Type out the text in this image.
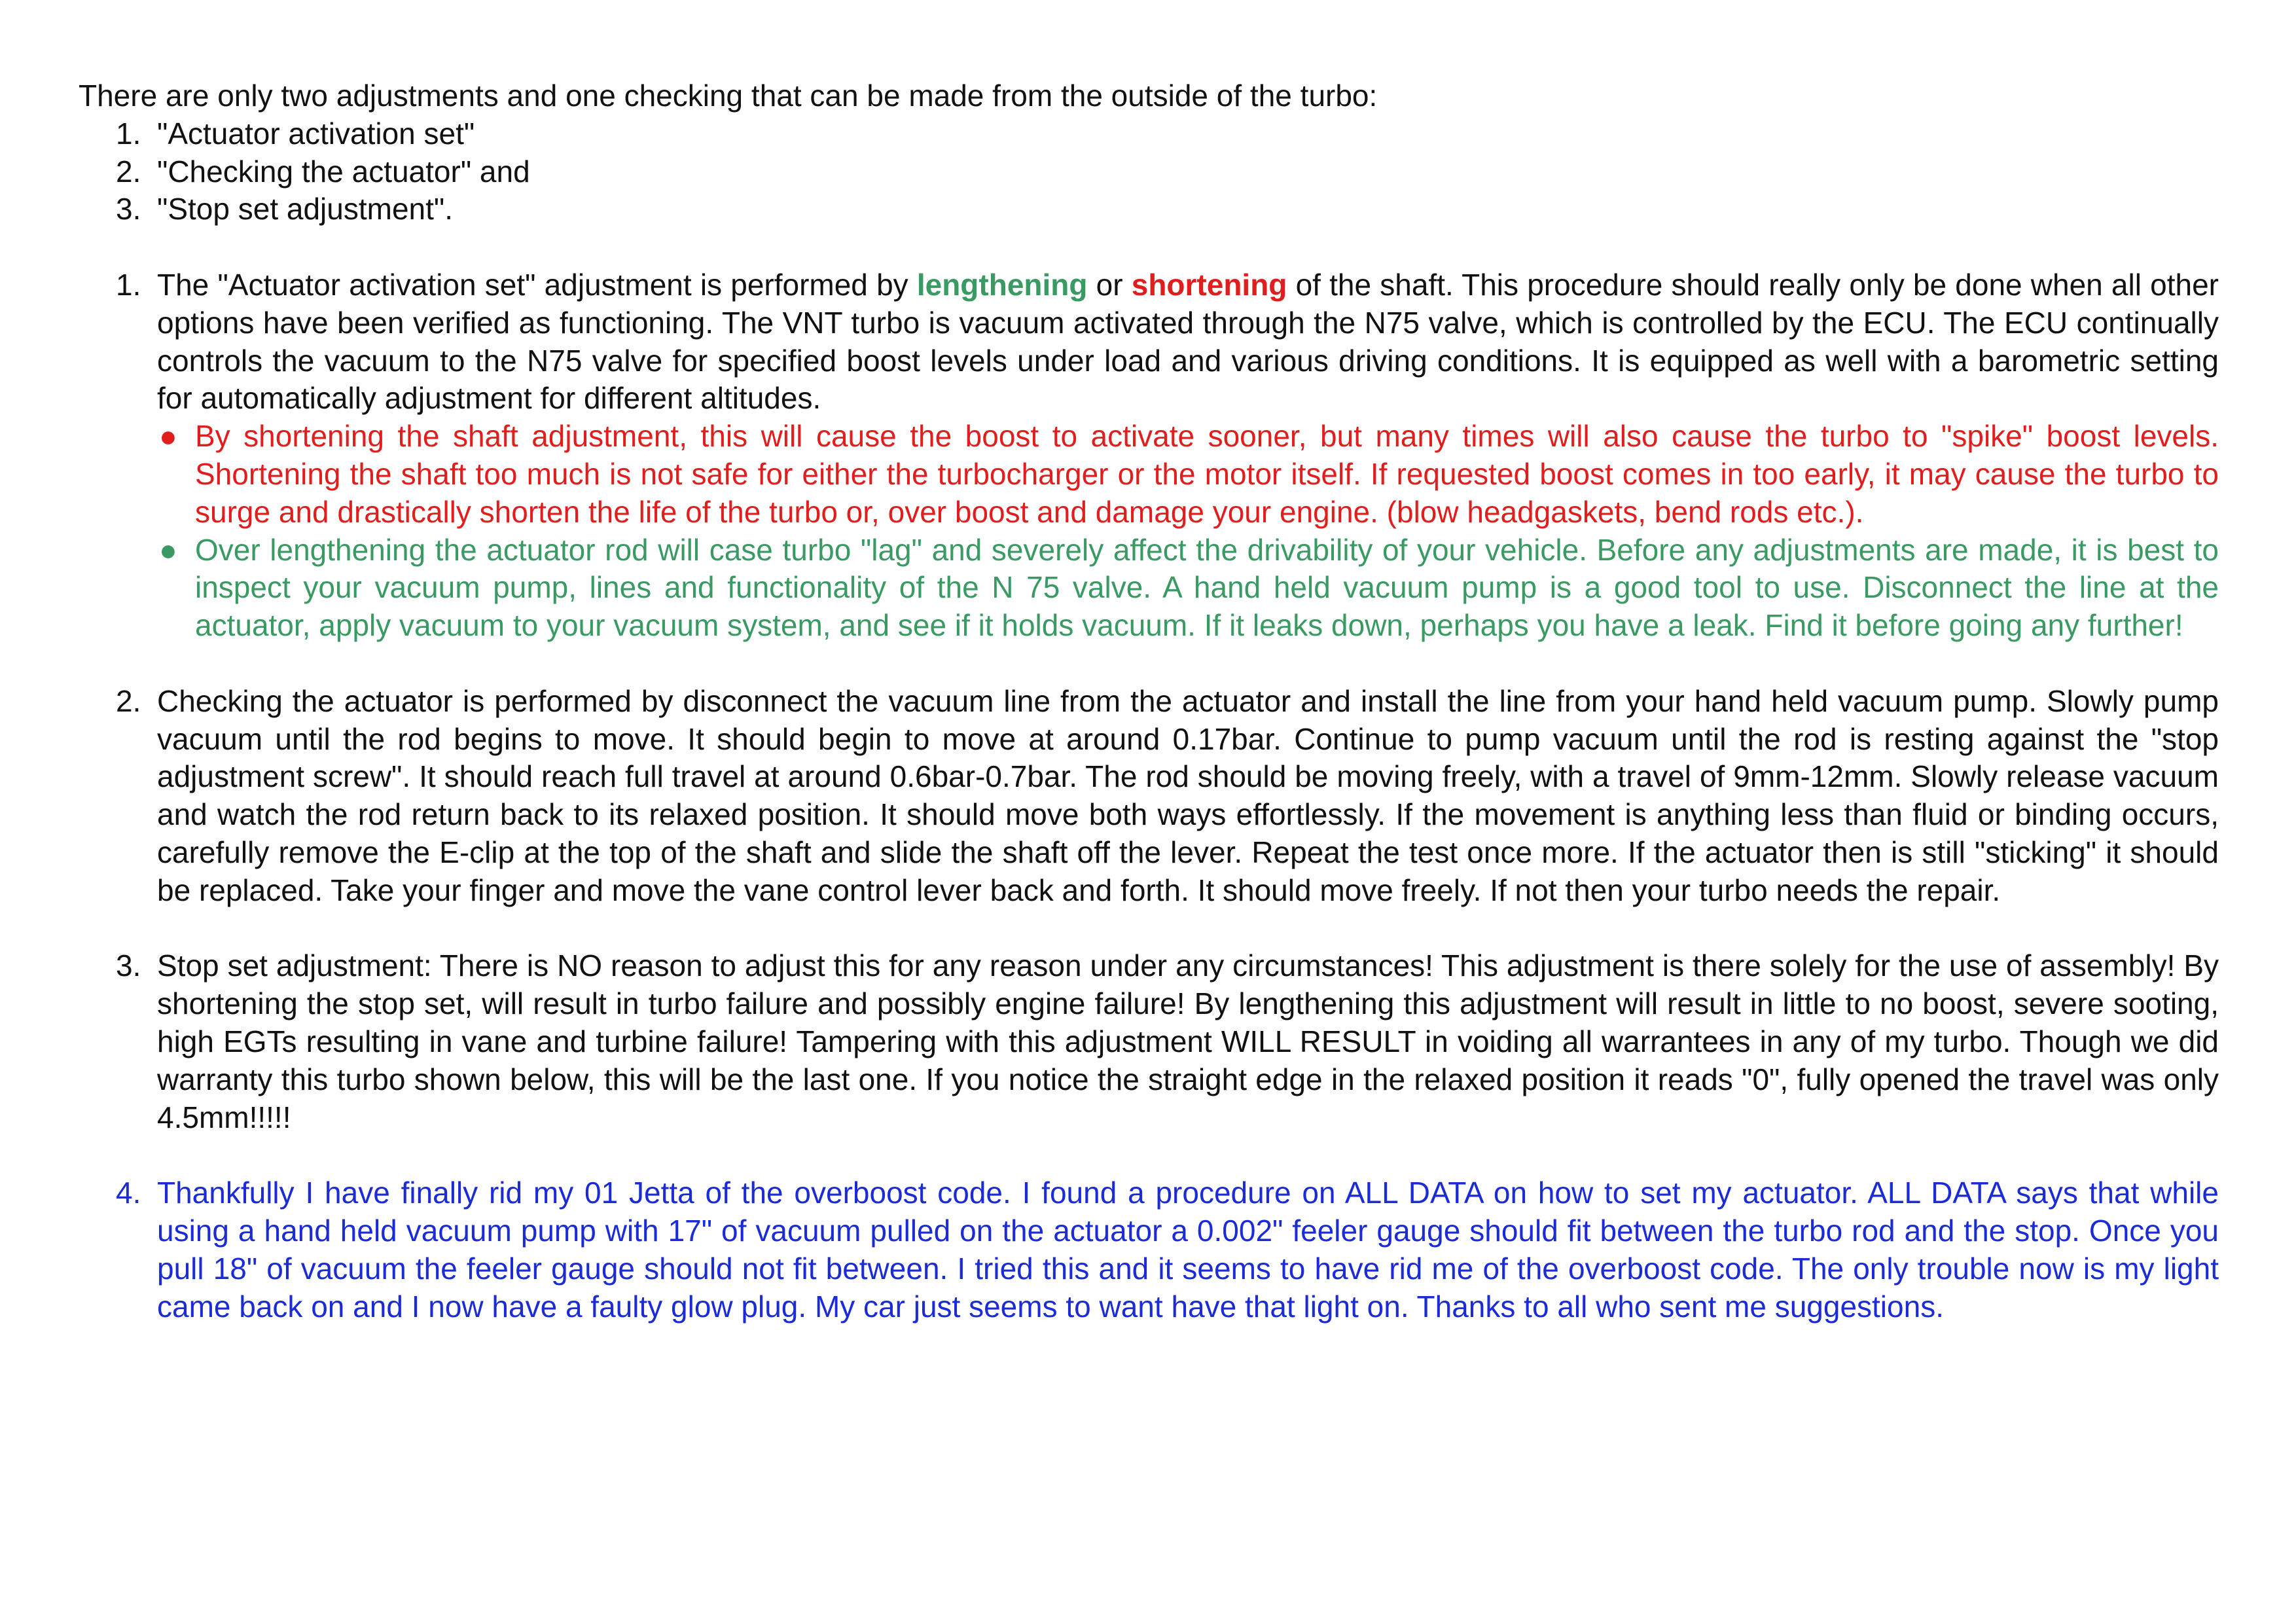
There are only two adjustments and one checking that can be made from the outside of the turbo:

1. "Actuator activation set"
2. "Checking the actuator" and
3. "Stop set adjustment".
1. The "Actuator activation set" adjustment is performed by lengthening or shortening of the shaft. This procedure should really only be done when all other options have been verified as functioning. The VNT turbo is vacuum activated through the N75 valve, which is controlled by the ECU. The ECU continually controls the vacuum to the N75 valve for specified boost levels under load and various driving conditions. It is equipped as well with a barometric setting for automatically adjustment for different altitudes.
● By shortening the shaft adjustment, this will cause the boost to activate sooner, but many times will also cause the turbo to "spike" boost levels. Shortening the shaft too much is not safe for either the turbocharger or the motor itself. If requested boost comes in too early, it may cause the turbo to surge and drastically shorten the life of the turbo or, over boost and damage your engine. (blow headgaskets, bend rods etc.).
● Over lengthening the actuator rod will case turbo "lag" and severely affect the drivability of your vehicle. Before any adjustments are made, it is best to inspect your vacuum pump, lines and functionality of the N 75 valve. A hand held vacuum pump is a good tool to use. Disconnect the line at the actuator, apply vacuum to your vacuum system, and see if it holds vacuum. If it leaks down, perhaps you have a leak. Find it before going any further!
2. Checking the actuator is performed by disconnect the vacuum line from the actuator and install the line from your hand held vacuum pump. Slowly pump vacuum until the rod begins to move. It should begin to move at around 0.17bar. Continue to pump vacuum until the rod is resting against the "stop adjustment screw". It should reach full travel at around 0.6bar-0.7bar. The rod should be moving freely, with a travel of 9mm-12mm. Slowly release vacuum and watch the rod return back to its relaxed position. It should move both ways effortlessly. If the movement is anything less than fluid or binding occurs, carefully remove the E-clip at the top of the shaft and slide the shaft off the lever. Repeat the test once more. If the actuator then is still "sticking" it should be replaced. Take your finger and move the vane control lever back and forth. It should move freely. If not then your turbo needs the repair.
3. Stop set adjustment: There is NO reason to adjust this for any reason under any circumstances! This adjustment is there solely for the use of assembly! By shortening the stop set, will result in turbo failure and possibly engine failure! By lengthening this adjustment will result in little to no boost, severe sooting, high EGTs resulting in vane and turbine failure! Tampering with this adjustment WILL RESULT in voiding all warrantees in any of my turbo. Though we did warranty this turbo shown below, this will be the last one. If you notice the straight edge in the relaxed position it reads "0", fully opened the travel was only 4.5mm!!!!!
4. Thankfully I have finally rid my 01 Jetta of the overboost code. I found a procedure on ALL DATA on how to set my actuator. ALL DATA says that while using a hand held vacuum pump with 17" of vacuum pulled on the actuator a 0.002" feeler gauge should fit between the turbo rod and the stop. Once you pull 18" of vacuum the feeler gauge should not fit between. I tried this and it seems to have rid me of the overboost code. The only trouble now is my light came back on and I now have a faulty glow plug. My car just seems to want have that light on. Thanks to all who sent me suggestions.
